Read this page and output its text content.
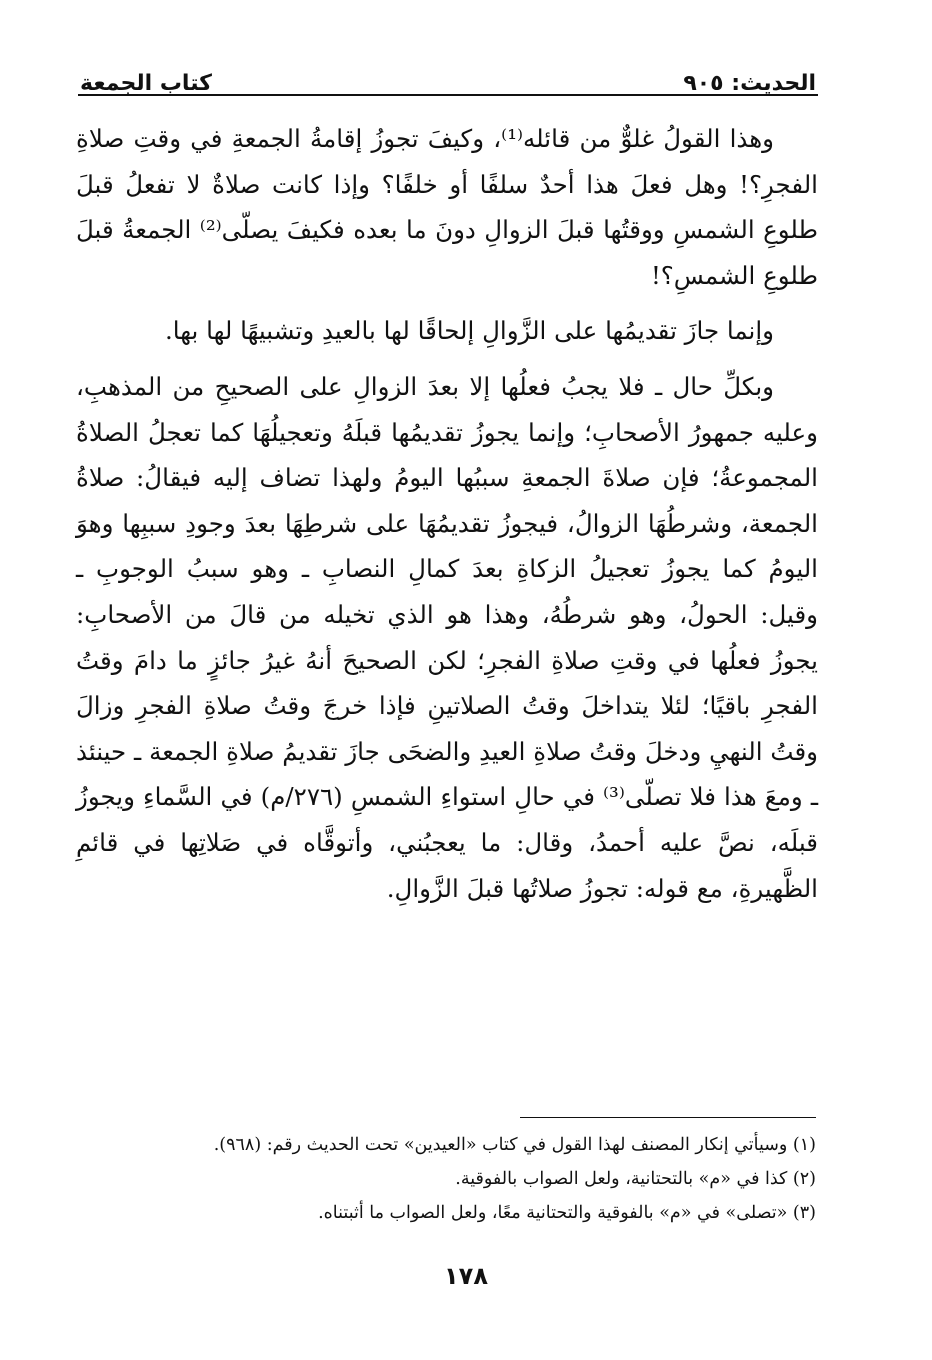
الحديث: ٩٠٥
كتاب الجمعة

وهذا القولُ غلوٌّ من قائله⁽¹⁾، وكيفَ تجوزُ إقامةُ الجمعةِ في وقتِ صلاةِ الفجرِ؟! وهل فعلَ هذا أحدٌ سلفًا أو خلفًا؟ وإذا كانت صلاةٌ لا تفعلُ قبلَ طلوعِ الشمسِ ووقتُها قبلَ الزوالِ دونَ ما بعده فكيفَ يصلّى⁽²⁾ الجمعةُ قبلَ طلوعِ الشمسِ؟!

وإنما جازَ تقديمُها على الزَّوالِ إلحاقًا لها بالعيدِ وتشبيهًا لها بها.

وبكلِّ حال ـ فلا يجبُ فعلُها إلا بعدَ الزوالِ على الصحيحِ من المذهبِ، وعليه جمهورُ الأصحابِ؛ وإنما يجوزُ تقديمُها قبلَهُ وتعجيلُهَا كما تعجلُ الصلاةُ المجموعةُ؛ فإن صلاةَ الجمعةِ سببُها اليومُ ولهذا تضاف إليه فيقالُ: صلاةُ الجمعة، وشرطُهَا الزوالُ، فيجوزُ تقديمُهَا على شرطِهَا بعدَ وجودِ سببِها وهوَ اليومُ كما يجوزُ تعجيلُ الزكاةِ بعدَ كمالِ النصابِ ـ وهو سببُ الوجوبِ ـ وقيل: الحولُ، وهو شرطُهُ، وهذا هو الذي تخيله من قالَ من الأصحابِ: يجوزُ فعلُها في وقتِ صلاةِ الفجرِ؛ لكن الصحيحَ أنهُ غيرُ جائزٍ ما دامَ وقتُ الفجرِ باقيًا؛ لئلا يتداخلَ وقتُ الصلاتينِ فإذا خرجَ وقتُ صلاةِ الفجرِ وزالَ وقتُ النهيِ ودخلَ وقتُ صلاةِ العيدِ والضحَى جازَ تقديمُ صلاةِ الجمعة ـ حينئذ ـ ومعَ هذا فلا تصلّى⁽³⁾ في حالِ استواءِ الشمسِ (٢٧٦/م) في السَّماءِ ويجوزُ قبلَه، نصَّ عليه أحمدُ، وقال: ما يعجبُني، وأتوقَّاه في صَلاتِها في قائمِ الظَّهيرةِ، مع قوله: تجوزُ صلاتُها قبلَ الزَّوالِ.

(١) وسيأتي إنكار المصنف لهذا القول في كتاب «العيدين» تحت الحديث رقم: (٩٦٨).
(٢) كذا في «م» بالتحتانية، ولعل الصواب بالفوقية.
(٣) «تصلى» في «م» بالفوقية والتحتانية معًا، ولعل الصواب ما أثبتناه.
١٧٨
